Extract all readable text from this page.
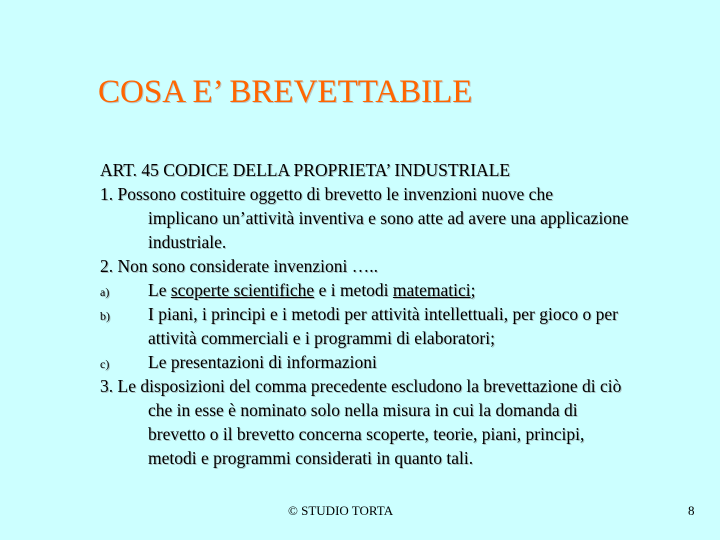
COSA E’ BREVETTABILE
ART. 45 CODICE DELLA PROPRIETA’ INDUSTRIALE
1. Possono costituire oggetto di brevetto le invenzioni nuove che
implicano un’attività inventiva e sono atte ad avere una applicazione
industriale.
2. Non sono considerate invenzioni …..
a) Le scoperte scientifiche e i metodi matematici;
b) I piani, i principi e i metodi per attività intellettuali, per gioco o per
attività commerciali e i programmi di elaboratori;
c) Le presentazioni di informazioni
3. Le disposizioni del comma precedente escludono la brevettazione di ciò
che in esse è nominato solo nella misura in cui la domanda di
brevetto o il brevetto concerna scoperte, teorie, piani, principi,
metodi e programmi considerati in quanto tali.
© STUDIO TORTA	8
